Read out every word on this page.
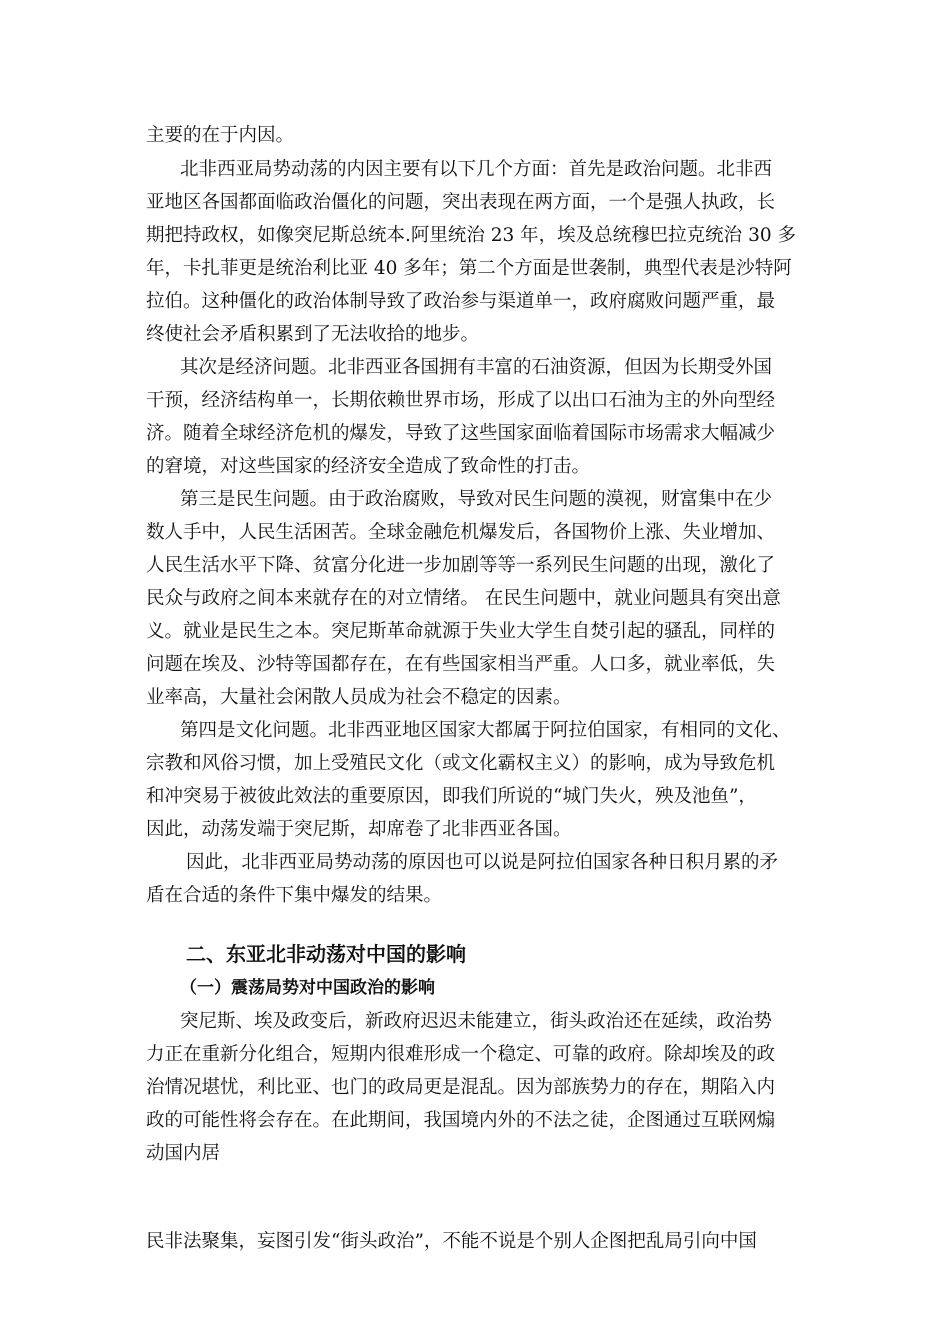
主要的在于内因。
北非西亚局势动荡的内因主要有以下几个方面：首先是政治问题。北非西
亚地区各国都面临政治僵化的问题，突出表现在两方面，一个是强人执政，长
期把持政权，如像突尼斯总统本.阿里统治 23 年，埃及总统穆巴拉克统治 30 多
年，卡扎菲更是统治利比亚 40 多年；第二个方面是世袭制，典型代表是沙特阿
拉伯。这种僵化的政治体制导致了政治参与渠道单一，政府腐败问题严重，最
终使社会矛盾积累到了无法收拾的地步。
其次是经济问题。北非西亚各国拥有丰富的石油资源，但因为长期受外国
干预，经济结构单一，长期依赖世界市场，形成了以出口石油为主的外向型经
济。随着全球经济危机的爆发，导致了这些国家面临着国际市场需求大幅减少
的窘境，对这些国家的经济安全造成了致命性的打击。
第三是民生问题。由于政治腐败，导致对民生问题的漠视，财富集中在少
数人手中，人民生活困苦。全球金融危机爆发后，各国物价上涨、失业增加、
人民生活水平下降、贫富分化进一步加剧等等一系列民生问题的出现，激化了
民众与政府之间本来就存在的对立情绪。 在民生问题中，就业问题具有突出意
义。就业是民生之本。突尼斯革命就源于失业大学生自焚引起的骚乱，同样的
问题在埃及、沙特等国都存在，在有些国家相当严重。人口多，就业率低，失
业率高，大量社会闲散人员成为社会不稳定的因素。
第四是文化问题。北非西亚地区国家大都属于阿拉伯国家，有相同的文化、
宗教和风俗习惯，加上受殖民文化（或文化霸权主义）的影响，成为导致危机
和冲突易于被彼此效法的重要原因，即我们所说的“城门失火，殃及池鱼”，
因此，动荡发端于突尼斯，却席卷了北非西亚各国。
因此，北非西亚局势动荡的原因也可以说是阿拉伯国家各种日积月累的矛
盾在合适的条件下集中爆发的结果。
二、东亚北非动荡对中国的影响
（一）震荡局势对中国政治的影响
突尼斯、埃及政变后，新政府迟迟未能建立，街头政治还在延续，政治势
力正在重新分化组合，短期内很难形成一个稳定、可靠的政府。除却埃及的政
治情况堪忧，利比亚、也门的政局更是混乱。因为部族势力的存在，期陷入内
政的可能性将会存在。在此期间，我国境内外的不法之徒，企图通过互联网煽
动国内居
民非法聚集，妄图引发“街头政治”，不能不说是个别人企图把乱局引向中国
